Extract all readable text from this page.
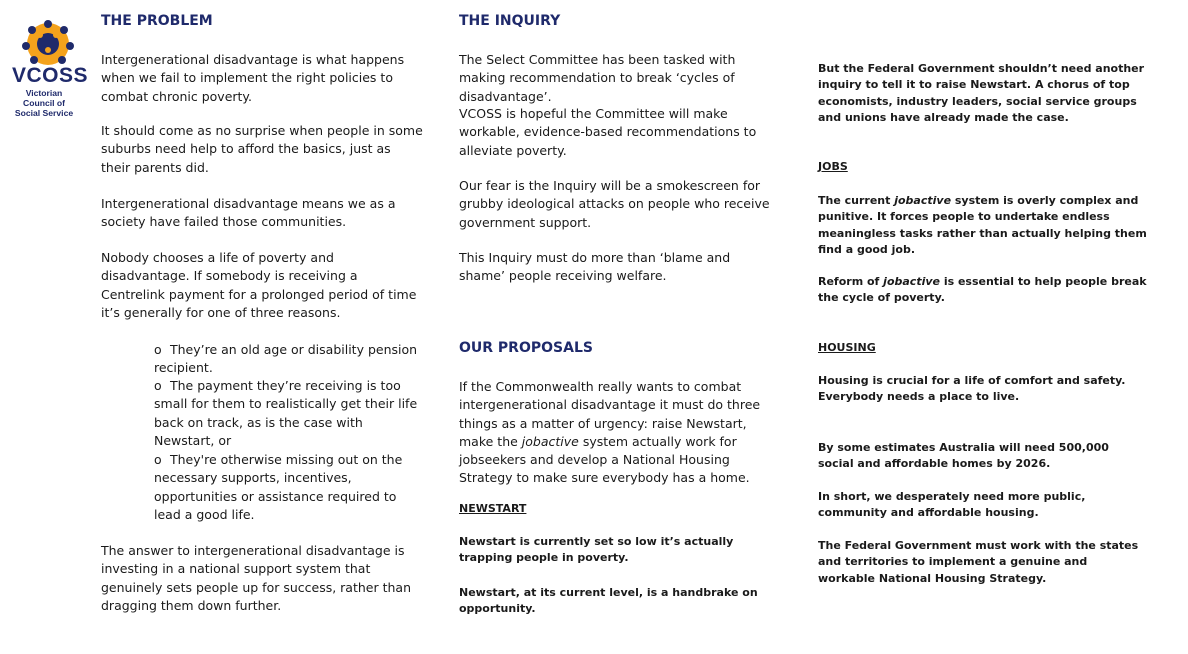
VCOSS
Victorian Council of Social Service
THE PROBLEM

Intergenerational disadvantage is what happens when we fail to implement the right policies to combat chronic poverty.

It should come as no surprise when people in some suburbs need help to afford the basics, just as their parents did.

Intergenerational disadvantage means we as a society have failed those communities.

Nobody chooses a life of poverty and disadvantage. If somebody is receiving a Centrelink payment for a prolonged period of time it’s generally for one of three reasons.

o They’re an old age or disability pension recipient.

o The payment they’re receiving is too small for them to realistically get their life back on track, as is the case with Newstart, or

o They're otherwise missing out on the necessary supports, incentives, opportunities or assistance required to lead a good life.

The answer to intergenerational disadvantage is investing in a national support system that genuinely sets people up for success, rather than dragging them down further.

THE INQUIRY

The Select Committee has been tasked with making recommendation to break ‘cycles of disadvantage’.

VCOSS is hopeful the Committee will make workable, evidence-based recommendations to alleviate poverty.

Our fear is the Inquiry will be a smokescreen for grubby ideological attacks on people who receive government support.

This Inquiry must do more than ‘blame and shame’ people receiving welfare.

OUR PROPOSALS

If the Commonwealth really wants to combat intergenerational disadvantage it must do three things as a matter of urgency: raise Newstart, make the jobactive system actually work for jobseekers and develop a National Housing Strategy to make sure everybody has a home.

NEWSTART

Newstart is currently set so low it’s actually trapping people in poverty.

Newstart, at its current level, is a handbrake on opportunity.

But the Federal Government shouldn’t need another inquiry to tell it to raise Newstart. A chorus of top economists, industry leaders, social service groups and unions have already made the case.

JOBS

The current jobactive system is overly complex and punitive. It forces people to undertake endless meaningless tasks rather than actually helping them find a good job.

Reform of jobactive is essential to help people break the cycle of poverty.

HOUSING

Housing is crucial for a life of comfort and safety. Everybody needs a place to live.

By some estimates Australia will need 500,000 social and affordable homes by 2026.

In short, we desperately need more public, community and affordable housing.

The Federal Government must work with the states and territories to implement a genuine and workable National Housing Strategy.
